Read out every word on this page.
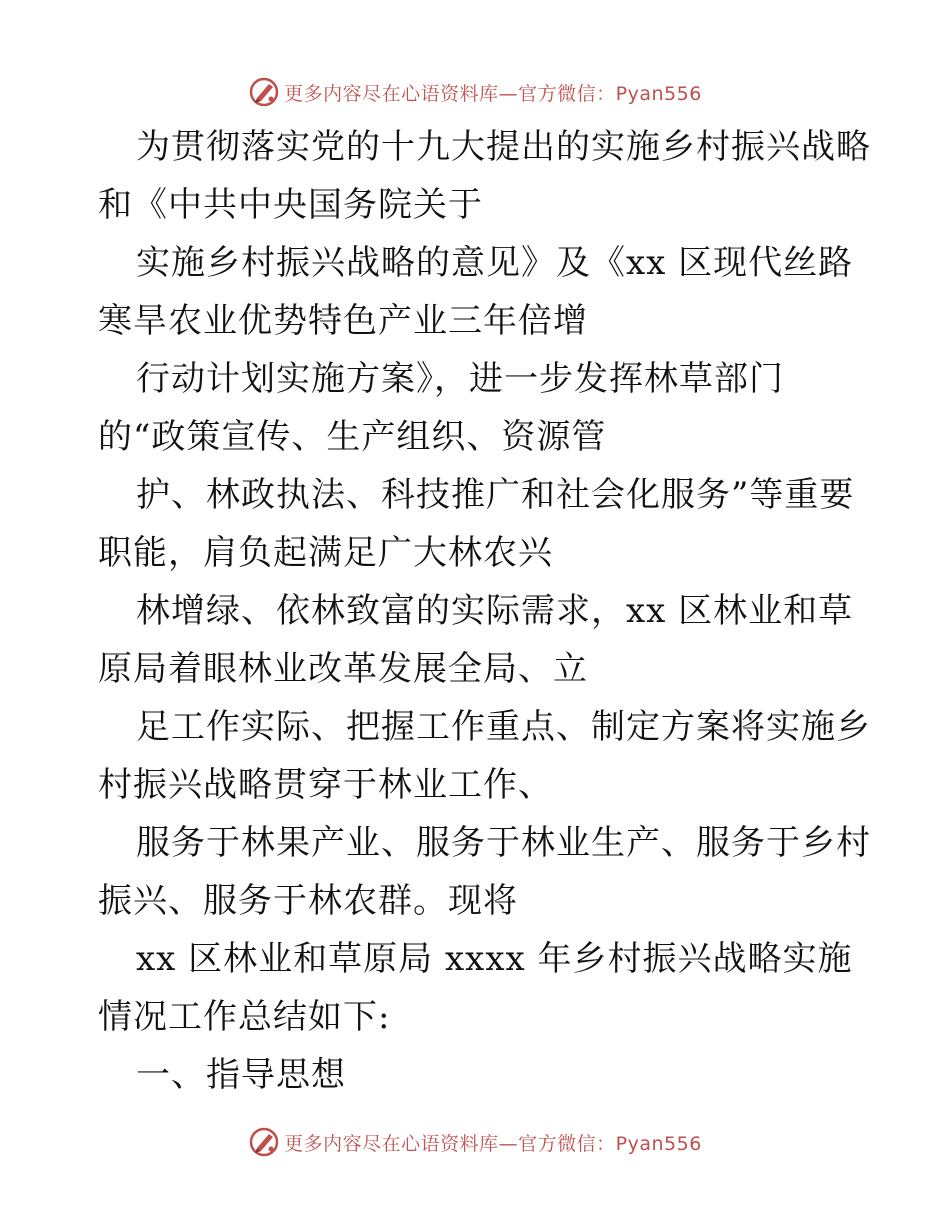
更多内容尽在心语资料库—官方微信：Pyan556
为贯彻落实党的十九大提出的实施乡村振兴战略
和《中共中央国务院关于
实施乡村振兴战略的意见》及《xx 区现代丝路
寒旱农业优势特色产业三年倍增
行动计划实施方案》，进一步发挥林草部门
的“政策宣传、生产组织、资源管
护、林政执法、科技推广和社会化服务”等重要
职能，肩负起满足广大林农兴
林增绿、依林致富的实际需求，xx 区林业和草
原局着眼林业改革发展全局、立
足工作实际、把握工作重点、制定方案将实施乡
村振兴战略贯穿于林业工作、
服务于林果产业、服务于林业生产、服务于乡村
振兴、服务于林农群。现将
xx 区林业和草原局 xxxx 年乡村振兴战略实施
情况工作总结如下:
一、指导思想
更多内容尽在心语资料库—官方微信：Pyan556
